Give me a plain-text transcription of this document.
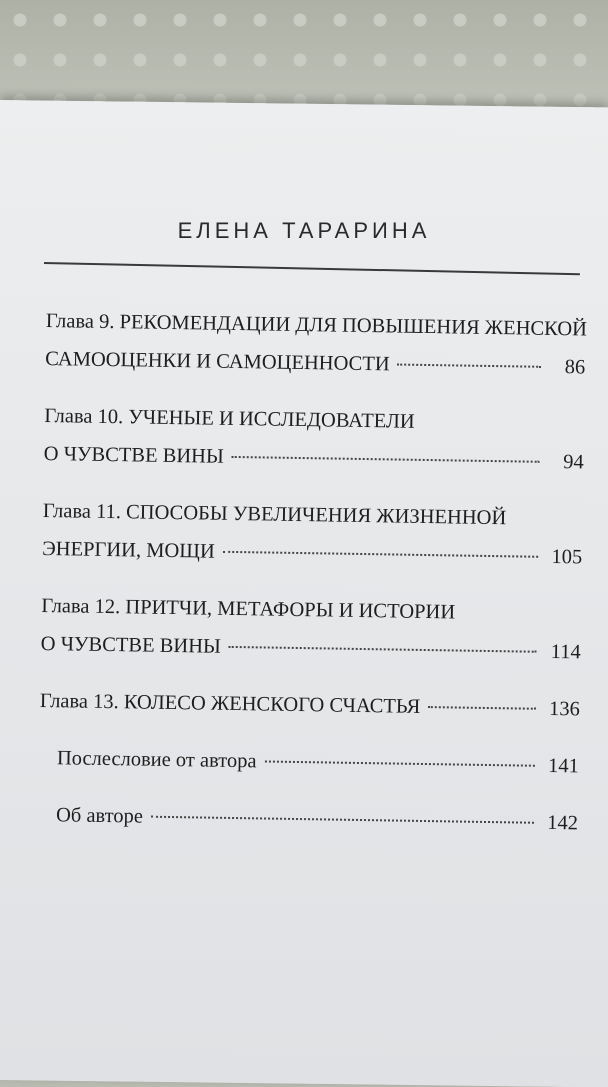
ЕЛЕНА ТАРАРИНА
Глава 9. РЕКОМЕНДАЦИИ ДЛЯ ПОВЫШЕНИЯ ЖЕНСКОЙ
САМООЦЕНКИ И САМОЦЕННОСТИ	86
Глава 10. УЧЕНЫЕ И ИССЛЕДОВАТЕЛИ
О ЧУВСТВЕ ВИНЫ	94
Глава 11. СПОСОБЫ УВЕЛИЧЕНИЯ ЖИЗНЕННОЙ
ЭНЕРГИИ, МОЩИ	105
Глава 12. ПРИТЧИ, МЕТАФОРЫ И ИСТОРИИ
О ЧУВСТВЕ ВИНЫ	114
Глава 13. КОЛЕСО ЖЕНСКОГО СЧАСТЬЯ	136
Послесловие от автора	141
Об авторе	142
